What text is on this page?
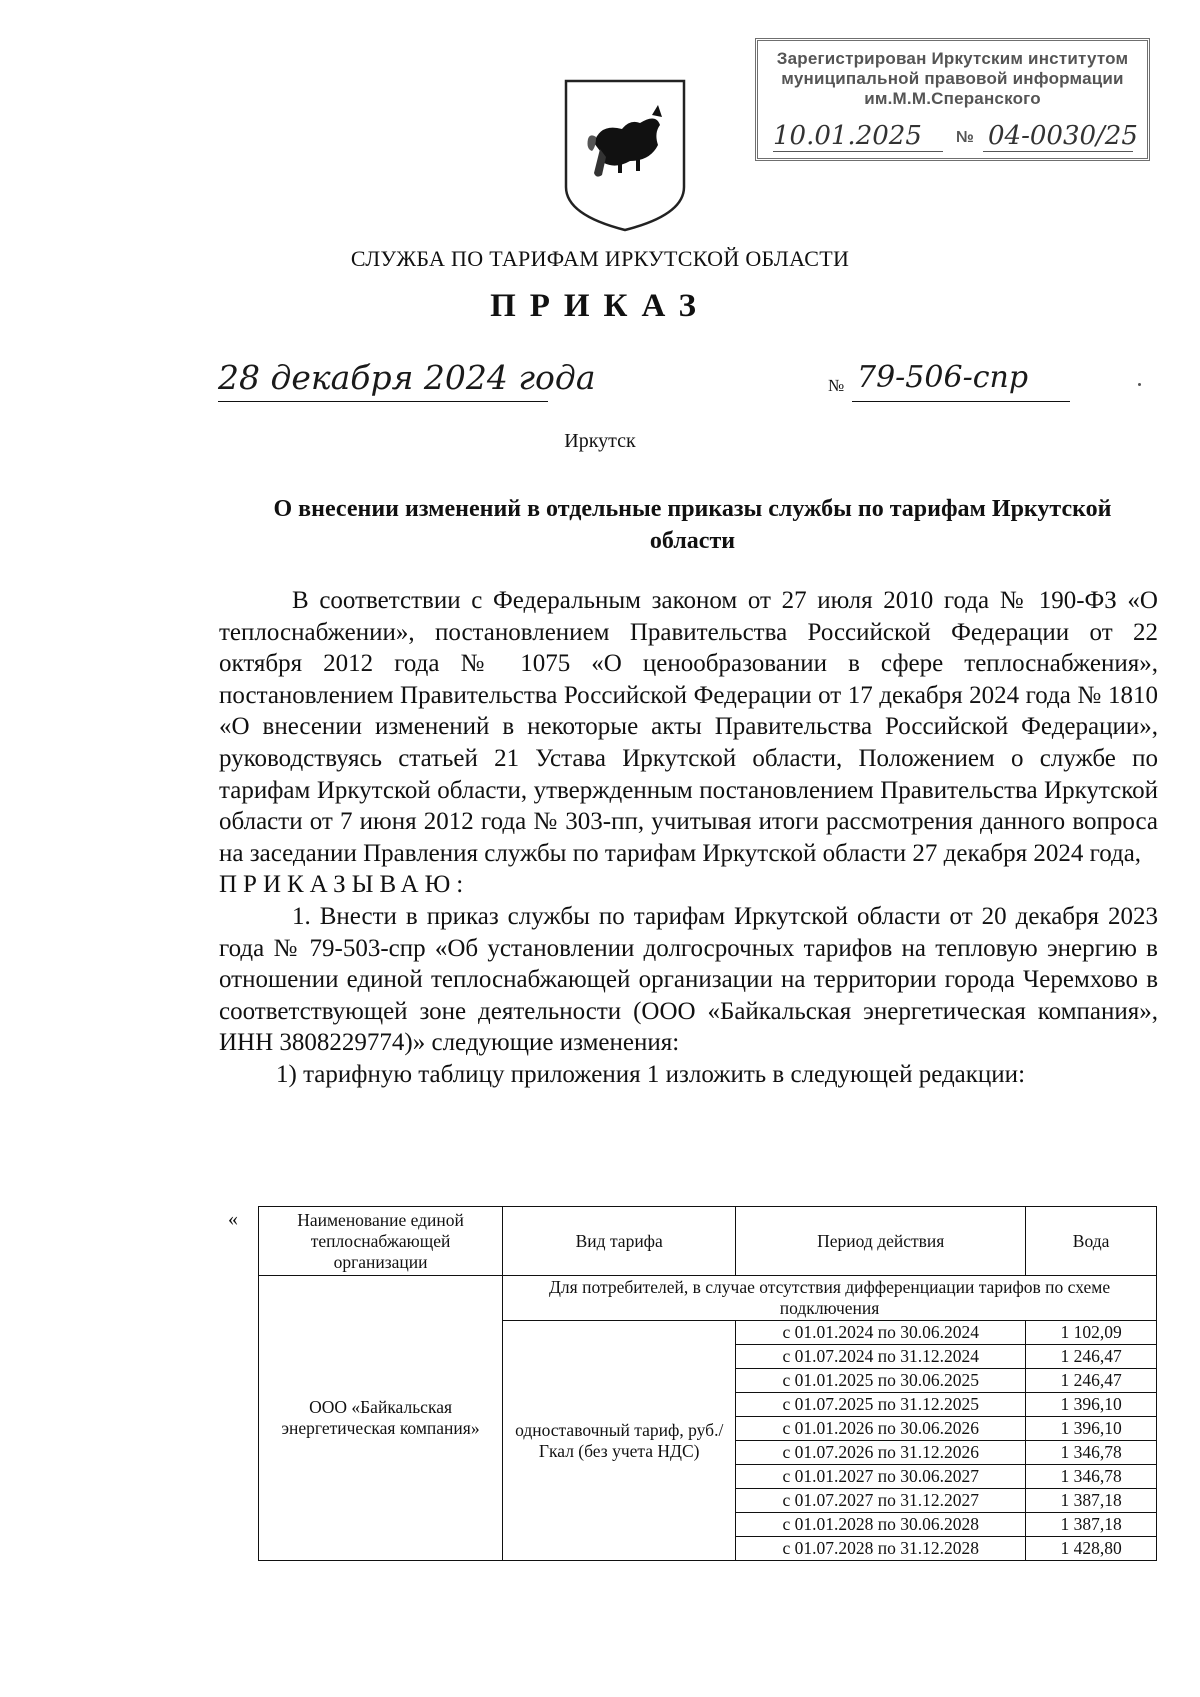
Зарегистрирован Иркутским институтом
муниципальной правовой информации
им.М.М.Сперанского
10.01.2025 № 04-0030/25
СЛУЖБА ПО ТАРИФАМ ИРКУТСКОЙ ОБЛАСТИ
ПРИКАЗ
28 декабря 2024 года	№ 79-506-спр
Иркутск
О внесении изменений в отдельные приказы службы по тарифам Иркутской области

В соответствии с Федеральным законом от 27 июля 2010 года № 190-ФЗ «О теплоснабжении», постановлением Правительства Российской Федерации от 22 октября 2012 года № 1075 «О ценообразовании в сфере теплоснабжения», постановлением Правительства Российской Федерации от 17 декабря 2024 года № 1810 «О внесении изменений в некоторые акты Правительства Российской Федерации», руководствуясь статьей 21 Устава Иркутской области, Положением о службе по тарифам Иркутской области, утвержденным постановлением Правительства Иркутской области от 7 июня 2012 года № 303-пп, учитывая итоги рассмотрения данного вопроса на заседании Правления службы по тарифам Иркутской области 27 декабря 2024 года,

ПРИКАЗЫВАЮ:

1. Внести в приказ службы по тарифам Иркутской области от 20 декабря 2023 года № 79-503-спр «Об установлении долгосрочных тарифов на тепловую энергию в отношении единой теплоснабжающей организации на территории города Черемхово в соответствующей зоне деятельности (ООО «Байкальская энергетическая компания», ИНН 3808229774)» следующие изменения:

1) тарифную таблицу приложения 1 изложить в следующей редакции:

«	Наименование единой теплоснабжающей организации	Вид тарифа	Период действия	Вода
ООО «Байкальская энергетическая компания»	Для потребителей, в случае отсутствия дифференциации тарифов по схеме подключения		
	одноставочный тариф, руб./Гкал (без учета НДС)	с 01.01.2024 по 30.06.2024	1 102,09
		с 01.07.2024 по 31.12.2024	1 246,47
		с 01.01.2025 по 30.06.2025	1 246,47
		с 01.07.2025 по 31.12.2025	1 396,10
		с 01.01.2026 по 30.06.2026	1 396,10
		с 01.07.2026 по 31.12.2026	1 346,78
		с 01.01.2027 по 30.06.2027	1 346,78
		с 01.07.2027 по 31.12.2027	1 387,18
		с 01.01.2028 по 30.06.2028	1 387,18
		с 01.07.2028 по 31.12.2028	1 428,80
